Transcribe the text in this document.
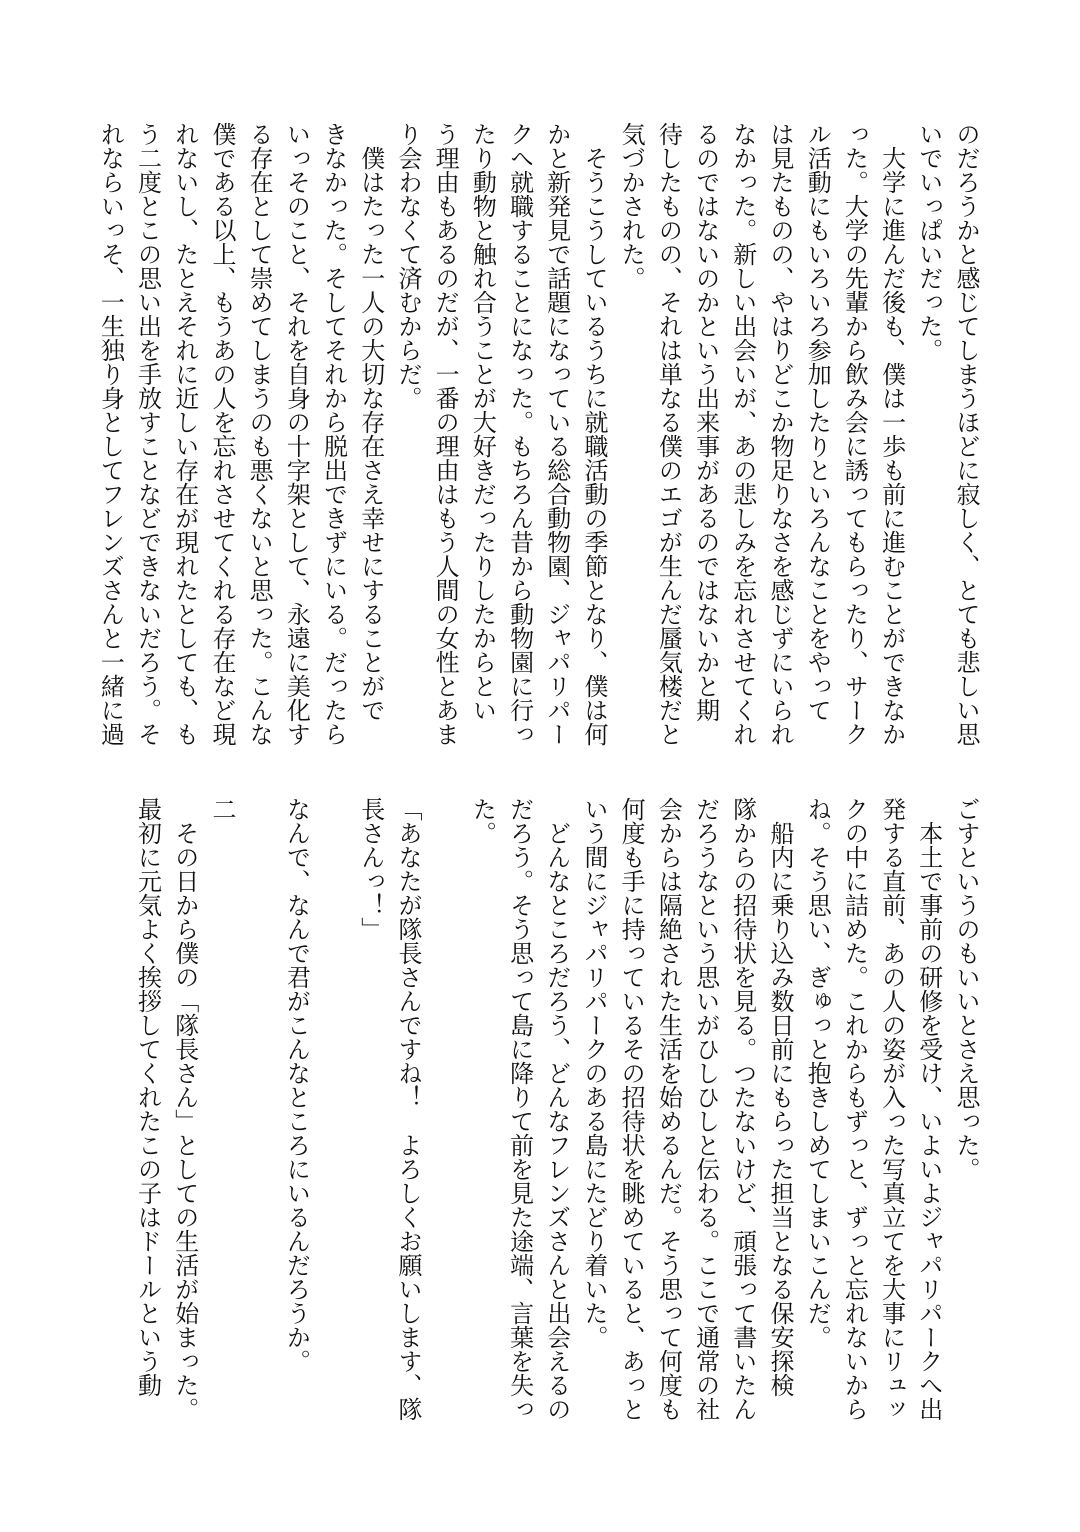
のだろうかと感じてしまうほどに寂しく、とても悲しい思
いでいっぱいだった。
　大学に進んだ後も、僕は一歩も前に進むことができなか
った。大学の先輩から飲み会に誘ってもらったり、サーク
ル活動にもいろいろ参加したりといろんなことをやって
は見たものの、やはりどこか物足りなさを感じずにいられ
なかった。新しい出会いが、あの悲しみを忘れさせてくれ
るのではないのかという出来事があるのではないかと期
待したものの、それは単なる僕のエゴが生んだ蜃気楼だと
気づかされた。
　そうこうしているうちに就職活動の季節となり、僕は何
かと新発見で話題になっている総合動物園、ジャパリパー
クへ就職することになった。もちろん昔から動物園に行っ
たり動物と触れ合うことが大好きだったりしたからとい
う理由もあるのだが、一番の理由はもう人間の女性とあま
り会わなくて済むからだ。
　僕はたった一人の大切な存在さえ幸せにすることがで
きなかった。そしてそれから脱出できずにいる。だったら
いっそのこと、それを自身の十字架として、永遠に美化す
る存在として崇めてしまうのも悪くないと思った。こんな
僕である以上、もうあの人を忘れさせてくれる存在など現
れないし、たとえそれに近しい存在が現れたとしても、も
う二度とこの思い出を手放すことなどできないだろう。そ
れならいっそ、一生独り身としてフレンズさんと一緒に過
ごすというのもいいとさえ思った。
　本土で事前の研修を受け、いよいよジャパリパークへ出
発する直前、あの人の姿が入った写真立てを大事にリュッ
クの中に詰めた。これからもずっと、ずっと忘れないから
ね。そう思い、ぎゅっと抱きしめてしまいこんだ。
　船内に乗り込み数日前にもらった担当となる保安探検
隊からの招待状を見る。つたないけど、頑張って書いたん
だろうなという思いがひしひしと伝わる。ここで通常の社
会からは隔絶された生活を始めるんだ。そう思って何度も
何度も手に持っているその招待状を眺めていると、あっと
いう間にジャパリパークのある島にたどり着いた。
　どんなところだろう、どんなフレンズさんと出会えるの
だろう。そう思って島に降りて前を見た途端、言葉を失っ
た。

「あなたが隊長さんですね！　よろしくお願いします、隊
長さんっ！」

なんで、なんで君がこんなところにいるんだろうか。

二
　その日から僕の「隊長さん」としての生活が始まった。
最初に元気よく挨拶してくれたこの子はドールという動
